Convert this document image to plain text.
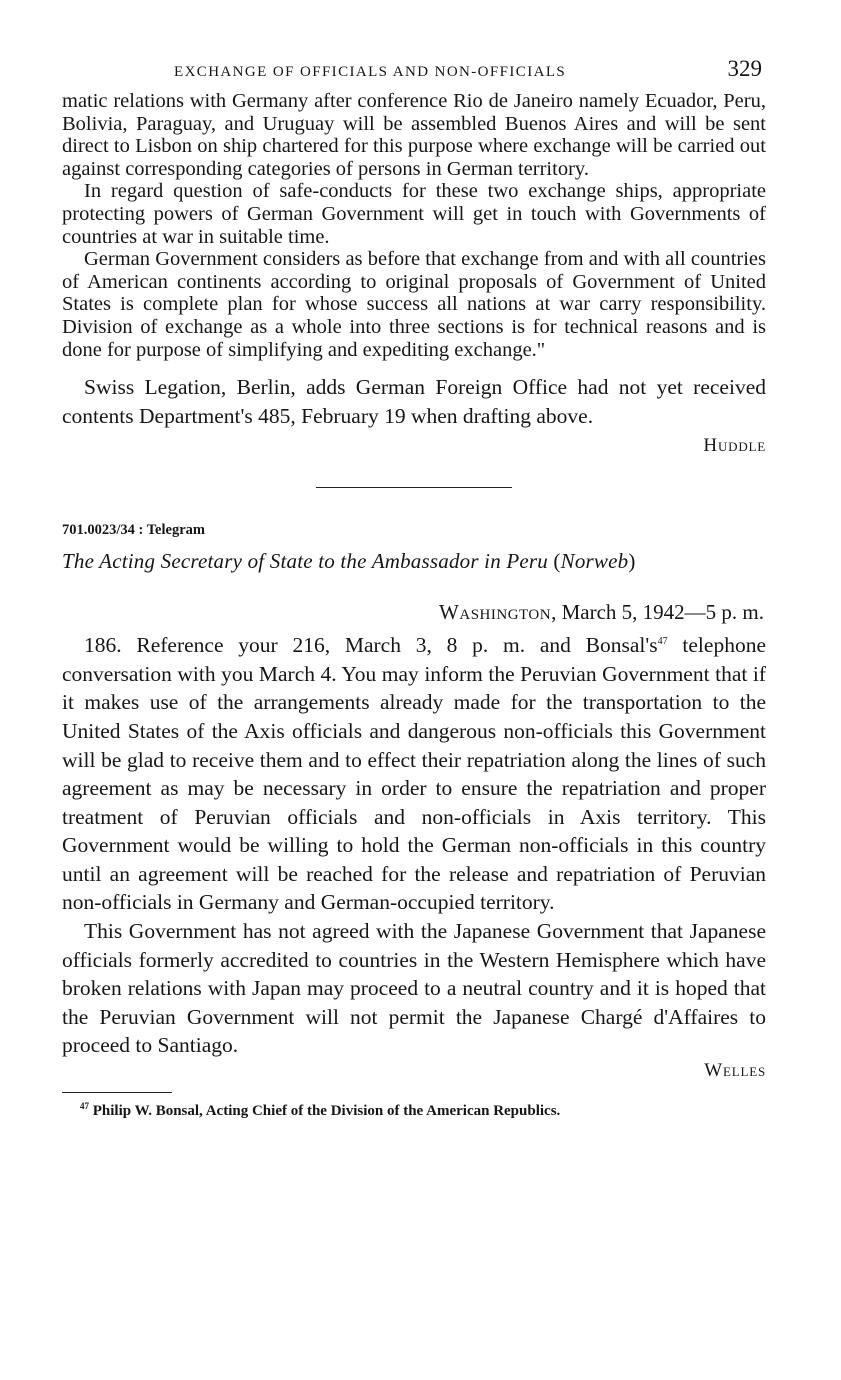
EXCHANGE OF OFFICIALS AND NON-OFFICIALS	329

matic relations with Germany after conference Rio de Janeiro namely Ecuador, Peru, Bolivia, Paraguay, and Uruguay will be assembled Buenos Aires and will be sent direct to Lisbon on ship chartered for this purpose where exchange will be carried out against corresponding categories of persons in German territory.

In regard question of safe-conducts for these two exchange ships, appropriate protecting powers of German Government will get in touch with Governments of countries at war in suitable time.

German Government considers as before that exchange from and with all countries of American continents according to original proposals of Government of United States is complete plan for whose success all nations at war carry responsibility. Division of exchange as a whole into three sections is for technical reasons and is done for purpose of simplifying and expediting exchange."

Swiss Legation, Berlin, adds German Foreign Office had not yet received contents Department's 485, February 19 when drafting above.

Huddle
701.0023/34 : Telegram
The Acting Secretary of State to the Ambassador in Peru (Norweb)
Washington, March 5, 1942—5 p. m.

186. Reference your 216, March 3, 8 p. m. and $Bonsal's^{47}$ telephone conversation with you March 4. You may inform the Peruvian Government that if it makes use of the arrangements already made for the transportation to the United States of the Axis officials and dangerous non-officials this Government will be glad to receive them and to effect their repatriation along the lines of such agreement as may be necessary in order to ensure the repatriation and proper treatment of Peruvian officials and non-officials in Axis territory. This Government would be willing to hold the German non-officials in this country until an agreement will be reached for the release and repatriation of Peruvian non-officials in Germany and German-occupied territory.

This Government has not agreed with the Japanese Government that Japanese officials formerly accredited to countries in the Western Hemisphere which have broken relations with Japan may proceed to a neutral country and it is hoped that the Peruvian Government will not permit the Japanese Chargé d'Affaires to proceed to Santiago.

Welles
$^{47}$ Philip W. Bonsal, Acting Chief of the Division of the American Republics.
